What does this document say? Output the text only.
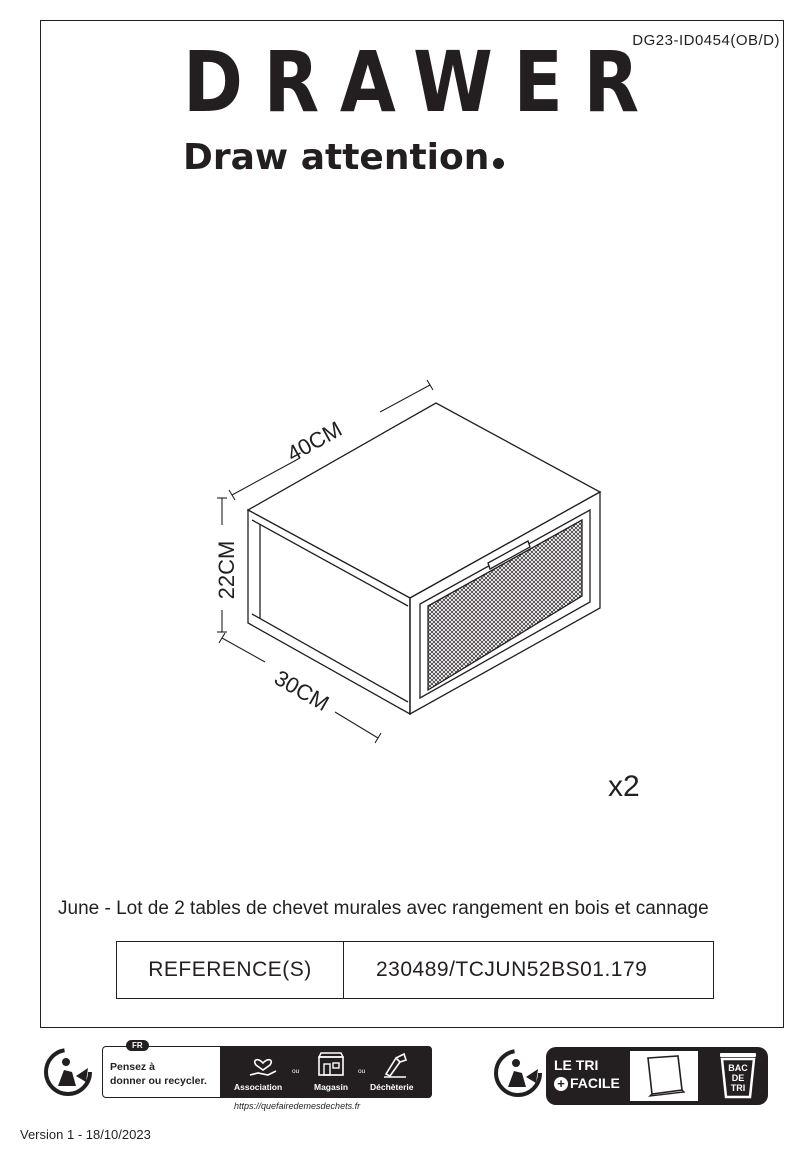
DG23-ID0454(OB/D)
DRAWER
Draw attention
40CM
22CM
30CM
x2
June - Lot de 2 tables de chevet murales avec rangement en bois et cannage
REFERENCE(S)	230489/TCJUN52BS01.179
FR
Pensez à
donner ou recycler.	Association
ou
Magasin
ou
Déchèterie
https://quefairedemesdechets.fr
LE TRI
+ FACILE
BAC
DE
TRI
Version 1 - 18/10/2023
